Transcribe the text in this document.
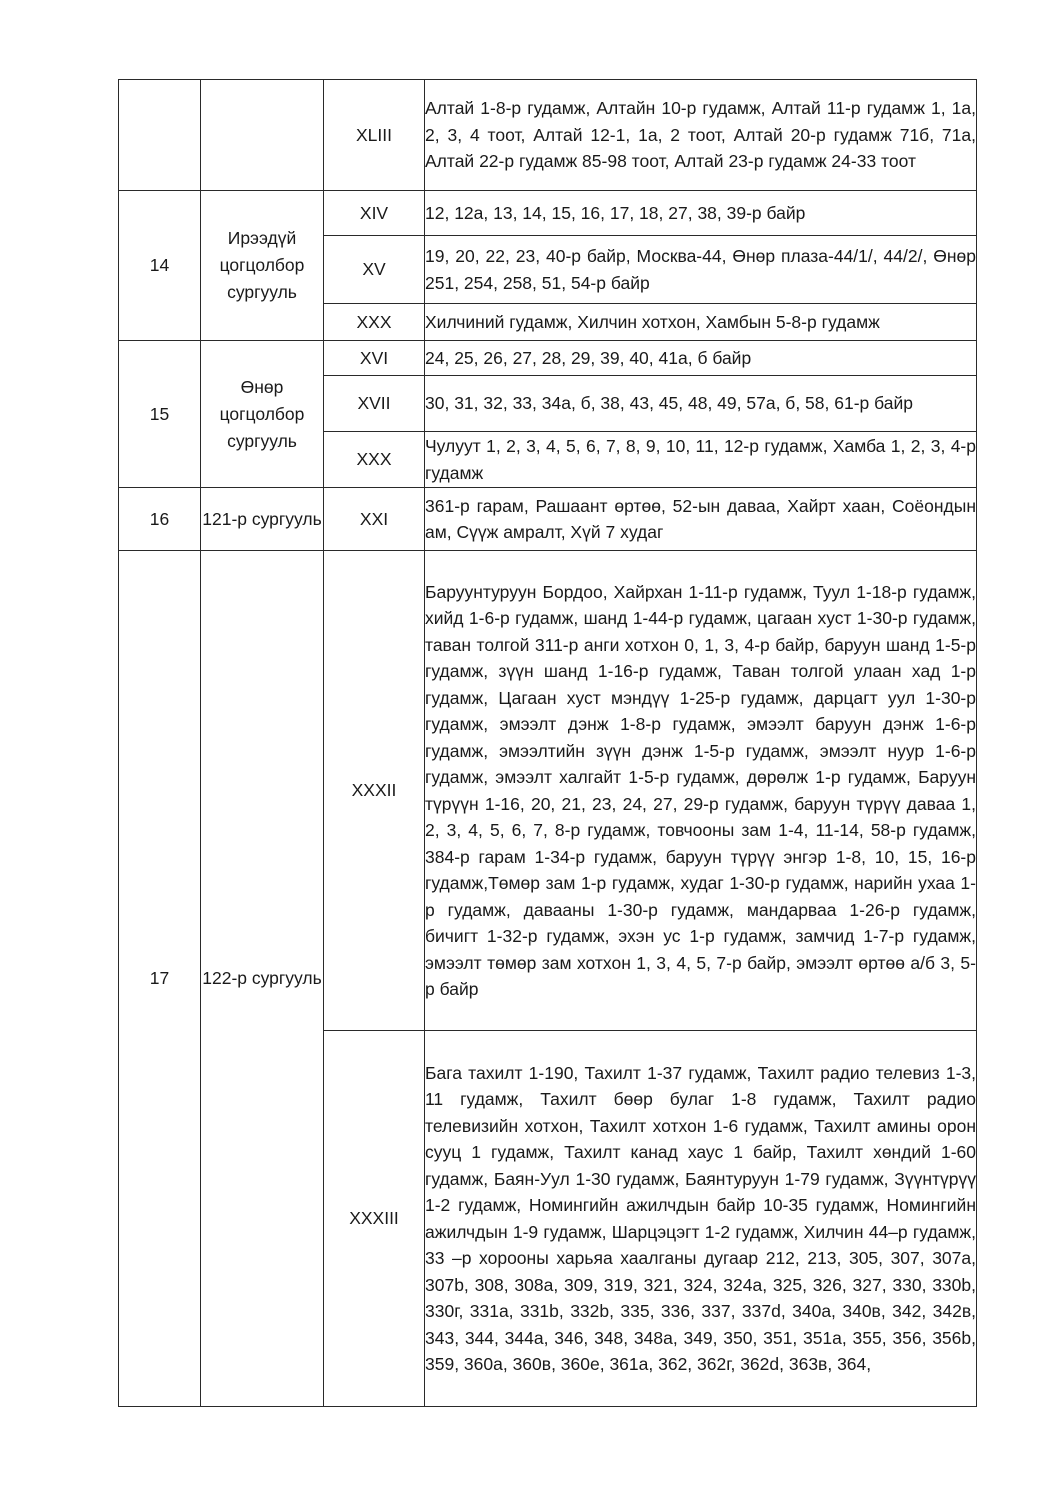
		XLIII	Алтай 1-8-р гудамж, Алтайн 10-р гудамж, Алтай 11-р гудамж 1, 1а, 2, 3, 4 тоот, Алтай 12-1, 1а, 2 тоот, Алтай 20-р гудамж 71б, 71а, Алтай 22-р гудамж 85-98 тоот, Алтай 23-р гудамж 24-33 тоот
14	Ирээдүй цогцолбор сургууль	XIV	12, 12а, 13, 14, 15, 16, 17, 18, 27, 38, 39-р байр
		XV	19, 20, 22, 23, 40-р байр, Москва-44, Өнөр плаза-44/1/, 44/2/, Өнөр 251, 254, 258, 51, 54-р байр
		XXX	Хилчиний гудамж, Хилчин хотхон, Хамбын 5-8-р гудамж
15	Өнөр цогцолбор сургууль	XVI	24, 25, 26, 27, 28, 29, 39, 40, 41а, б байр
		XVII	30, 31, 32, 33, 34а, б, 38, 43, 45, 48, 49, 57а, б, 58, 61-р байр
		XXX	Чулуут 1, 2, 3, 4, 5, 6, 7, 8, 9, 10, 11, 12-р гудамж, Хамба 1, 2, 3, 4-р гудамж
16	121-р сургууль	XXI	361-р гарам, Рашаант өртөө, 52-ын даваа, Хайрт хаан, Соёондын ам, Сүүж амралт, Хүй 7 худаг
17	122-р сургууль	XXXII	Баруунтуруун Бордоо, Хайрхан 1-11-р гудамж, Туул 1-18-р гудамж, хийд 1-6-р гудамж, шанд 1-44-р гудамж, цагаан хуст 1-30-р гудамж, таван толгой 311-р анги хотхон 0, 1, 3, 4-р байр, баруун шанд 1-5-р гудамж, зүүн шанд 1-16-р гудамж, Таван толгой улаан хад 1-р гудамж, Цагаан хуст мэндүү 1-25-р гудамж, дарцагт уул 1-30-р гудамж, эмээлт дэнж 1-8-р гудамж, эмээлт баруун дэнж 1-6-р гудамж, эмээлтийн зүүн дэнж 1-5-р гудамж, эмээлт нуур 1-6-р гудамж, эмээлт халгайт 1-5-р гудамж, дөрөлж 1-р гудамж, Баруун түрүүн 1-16, 20, 21, 23, 24, 27, 29-р гудамж, баруун түрүү даваа 1, 2, 3, 4, 5, 6, 7, 8-р гудамж, товчооны зам 1-4, 11-14, 58-р гудамж, 384-р гарам 1-34-р гудамж, баруун түрүү энгэр 1-8, 10, 15, 16-р гудамж,Төмөр зам 1-р гудамж, худаг 1-30-р гудамж, нарийн ухаа 1-р гудамж, давааны 1-30-р гудамж, мандарваа 1-26-р гудамж, бичигт 1-32-р гудамж, эхэн ус 1-р гудамж, замчид 1-7-р гудамж, эмээлт төмөр зам хотхон 1, 3, 4, 5, 7-р байр, эмээлт өртөө а/б 3, 5-р байр
		XXXIII	Бага тахилт 1-190, Тахилт 1-37 гудамж, Тахилт радио телевиз 1-3, 11 гудамж, Тахилт бөөр булаг 1-8 гудамж, Тахилт радио телевизийн хотхон, Тахилт хотхон 1-6 гудамж, Тахилт амины орон сууц 1 гудамж, Тахилт канад хаус 1 байр, Тахилт хөндий 1-60 гудамж, Баян-Уул 1-30 гудамж, Баянтуруун 1-79 гудамж, Зүүнтүрүү 1-2 гудамж, Номингийн ажилчдын байр 10-35 гудамж, Номингийн ажилчдын 1-9 гудамж, Шарцэцэгт 1-2 гудамж, Хилчин 44–р гудамж, 33 –р хорооны харьяа хаалганы дугаар 212, 213, 305, 307, 307а, 307b, 308, 308а, 309, 319, 321, 324, 324а, 325, 326, 327, 330, 330b, 330г, 331а, 331b, 332b, 335, 336, 337, 337d, 340а, 340в, 342, 342в, 343, 344, 344а, 346, 348, 348а, 349, 350, 351, 351а, 355, 356, 356b, 359, 360а, 360в, 360е, 361а, 362, 362г, 362d, 363в, 364,
